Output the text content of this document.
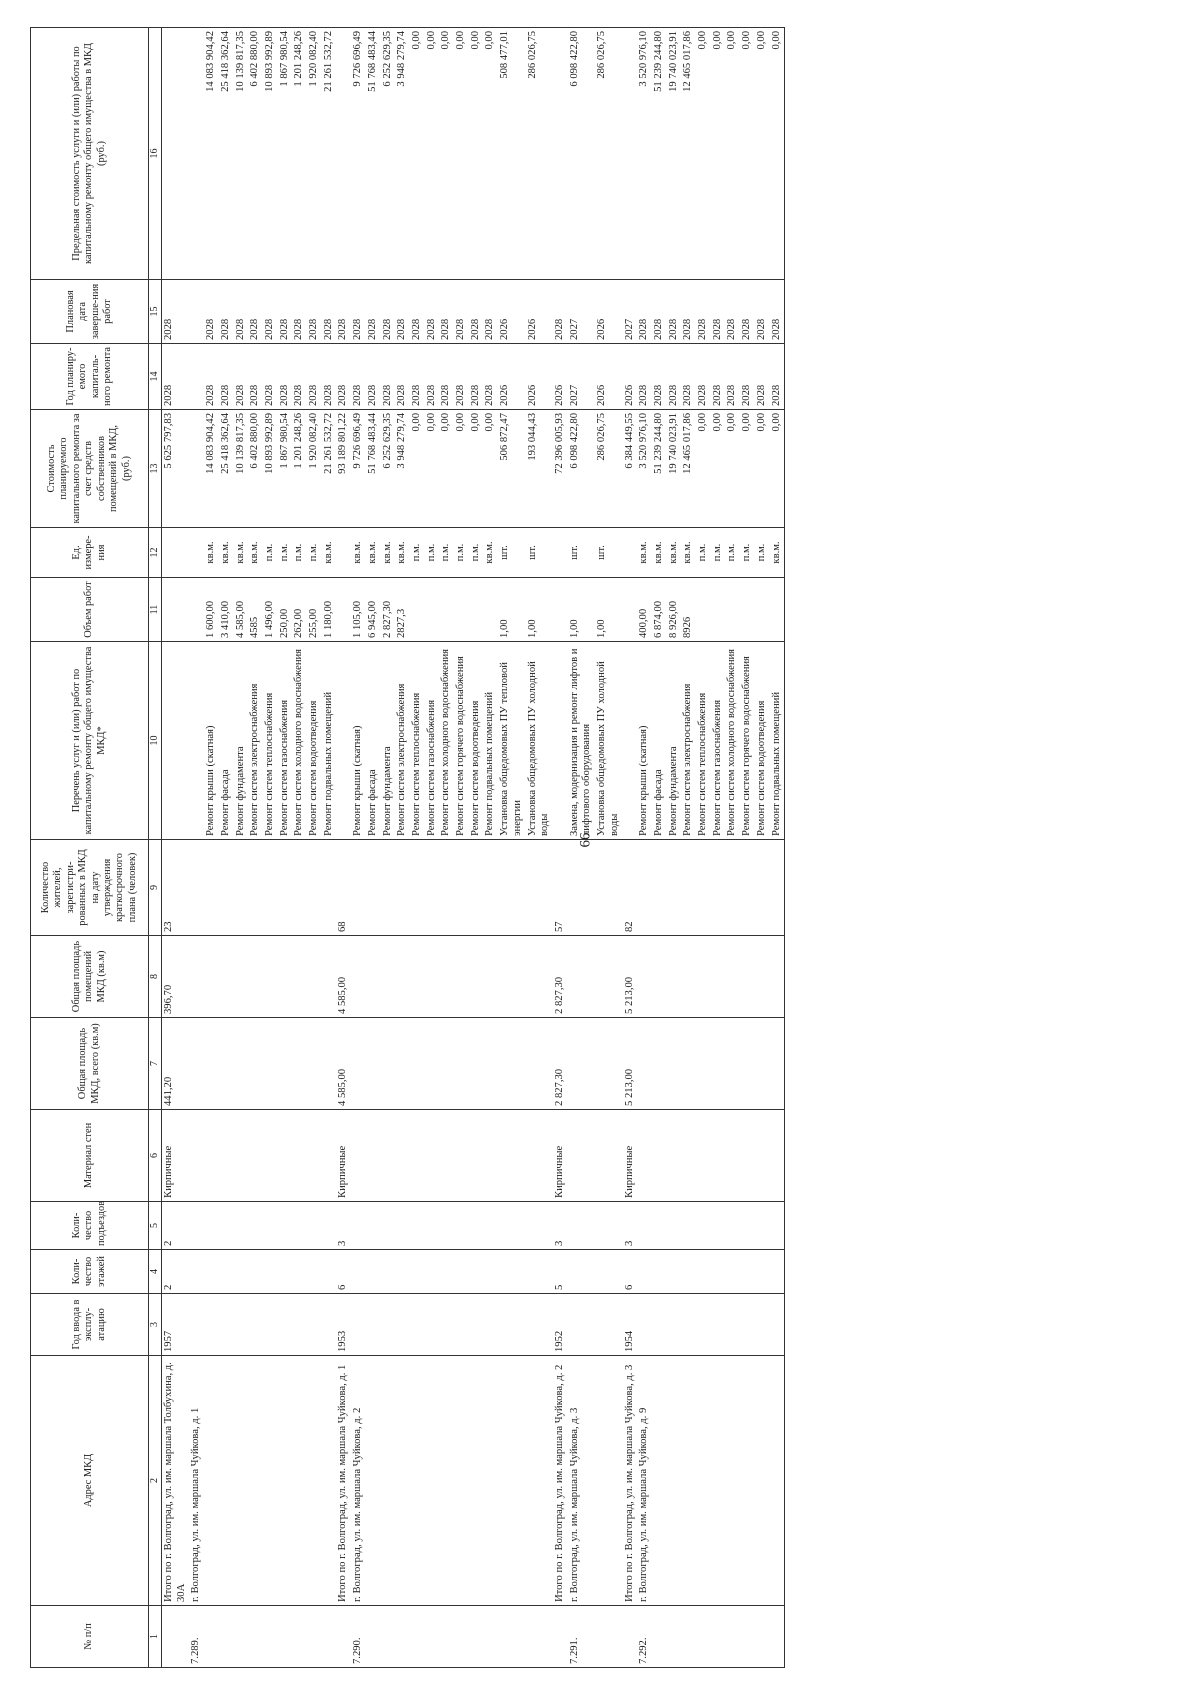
66
№ п/п	Адрес МКД	Год ввода в эксплу-атацию	Коли-чество этажей	Коли-чество подъездов	Материал стен	Общая площадь МКД, всего (кв.м)	Общая площадь помещений МКД (кв.м)	Количество жителей, зарегистри-рованных в МКД на дату утверждения краткосрочного плана (человек)	Перечень услуг и (или) работ по капитальному ремонту общего имущества МКД*	Объем работ	Ед. измере-ния	Стоимость планируемого капитального ремонта за счет средств собственников помещений в МКД, (руб.)	Год планиру-емого капиталь-ного ремонта	Плановая дата заверше-ния работ	Предельная стоимость услуги и (или) работы по капитальному ремонту общего имущества в МКД (руб.)
1	2	3	4	5	6	7	8	9	10	11	12	13	14	15	16
	Итого по г. Волгоград, ул. им. маршала Толбухина, д. 30А	1957	2	2	Кирпичные	441,20	396,70	23				5 625 797,83	2028	2028	
7.289.	г. Волгоград, ул. им. маршала Чуйкова, д. 1														
									Ремонт крыши (скатная)	1 600,00	кв.м.	14 083 904,42	2028	2028	14 083 904,42
									Ремонт фасада	3 410,00	кв.м.	25 418 362,64	2028	2028	25 418 362,64
									Ремонт фундамента	4 585,00	кв.м.	10 139 817,35	2028	2028	10 139 817,35
									Ремонт систем электроснабжения	4585	кв.м.	6 402 880,00	2028	2028	6 402 880,00
									Ремонт систем теплоснабжения	1 496,00	п.м.	10 893 992,89	2028	2028	10 893 992,89
									Ремонт систем газоснабжения	250,00	п.м.	1 867 980,54	2028	2028	1 867 980,54
									Ремонт систем холодного водоснабжения	262,00	п.м.	1 201 248,26	2028	2028	1 201 248,26
									Ремонт систем водоотведения	255,00	п.м.	1 920 082,40	2028	2028	1 920 082,40
									Ремонт подвальных помещений	1 180,00	кв.м.	21 261 532,72	2028	2028	21 261 532,72
	Итого по г. Волгоград, ул. им. маршала Чуйкова, д. 1	1953	6	3	Кирпичные	4 585,00	4 585,00	68				93 189 801,22	2028	2028	
7.290.	г. Волгоград, ул. им. маршала Чуйкова, д. 2								Ремонт крыши (скатная)	1 105,00	кв.м.	9 726 696,49	2028	2028	9 726 696,49
									Ремонт фасада	6 945,00	кв.м.	51 768 483,44	2028	2028	51 768 483,44
									Ремонт фундамента	2 827,30	кв.м.	6 252 629,35	2028	2028	6 252 629,35
									Ремонт систем электроснабжения	2827,3	кв.м.	3 948 279,74	2028	2028	3 948 279,74
									Ремонт систем теплоснабжения		п.м.	0,00	2028	2028	0,00
									Ремонт систем газоснабжения		п.м.	0,00	2028	2028	0,00
									Ремонт систем холодного водоснабжения		п.м.	0,00	2028	2028	0,00
									Ремонт систем горячего водоснабжения		п.м.	0,00	2028	2028	0,00
									Ремонт систем водоотведения		п.м.	0,00	2028	2028	0,00
									Ремонт подвальных помещений		кв.м.	0,00	2028	2028	0,00
									Установка общедомовых ПУ тепловой энергии	1,00	шт.	506 872,47	2026	2026	508 477,01
									Установка общедомовых ПУ холодной воды	1,00	шт.	193 044,43	2026	2026	286 026,75
	Итого по г. Волгоград, ул. им. маршала Чуйкова, д. 2	1952	5	3	Кирпичные	2 827,30	2 827,30	57				72 396 005,93	2026	2028	
7.291.	г. Волгоград, ул. им. маршала Чуйкова, д. 3								Замена, модернизация и ремонт лифтов и лифтового оборудования	1,00	шт.	6 098 422,80	2027	2027	6 098 422,80
									Установка общедомовых ПУ холодной воды	1,00	шт.	286 026,75	2026	2026	286 026,75
	Итого по г. Волгоград, ул. им. маршала Чуйкова, д. 3	1954	6	3	Кирпичные	5 213,00	5 213,00	82				6 384 449,55	2026	2027	
7.292.	г. Волгоград, ул. им. маршала Чуйкова, д. 9								Ремонт крыши (скатная)	400,00	кв.м.	3 520 976,10	2028	2028	3 520 976,10
									Ремонт фасада	6 874,00	кв.м.	51 239 244,80	2028	2028	51 239 244,80
									Ремонт фундамента	8 926,00	кв.м.	19 740 023,91	2028	2028	19 740 023,91
									Ремонт систем электроснабжения	8926	кв.м.	12 465 017,86	2028	2028	12 465 017,86
									Ремонт систем теплоснабжения		п.м.	0,00	2028	2028	0,00
									Ремонт систем газоснабжения		п.м.	0,00	2028	2028	0,00
									Ремонт систем холодного водоснабжения		п.м.	0,00	2028	2028	0,00
									Ремонт систем горячего водоснабжения		п.м.	0,00	2028	2028	0,00
									Ремонт систем водоотведения		п.м.	0,00	2028	2028	0,00
									Ремонт подвальных помещений		кв.м.	0,00	2028	2028	0,00
